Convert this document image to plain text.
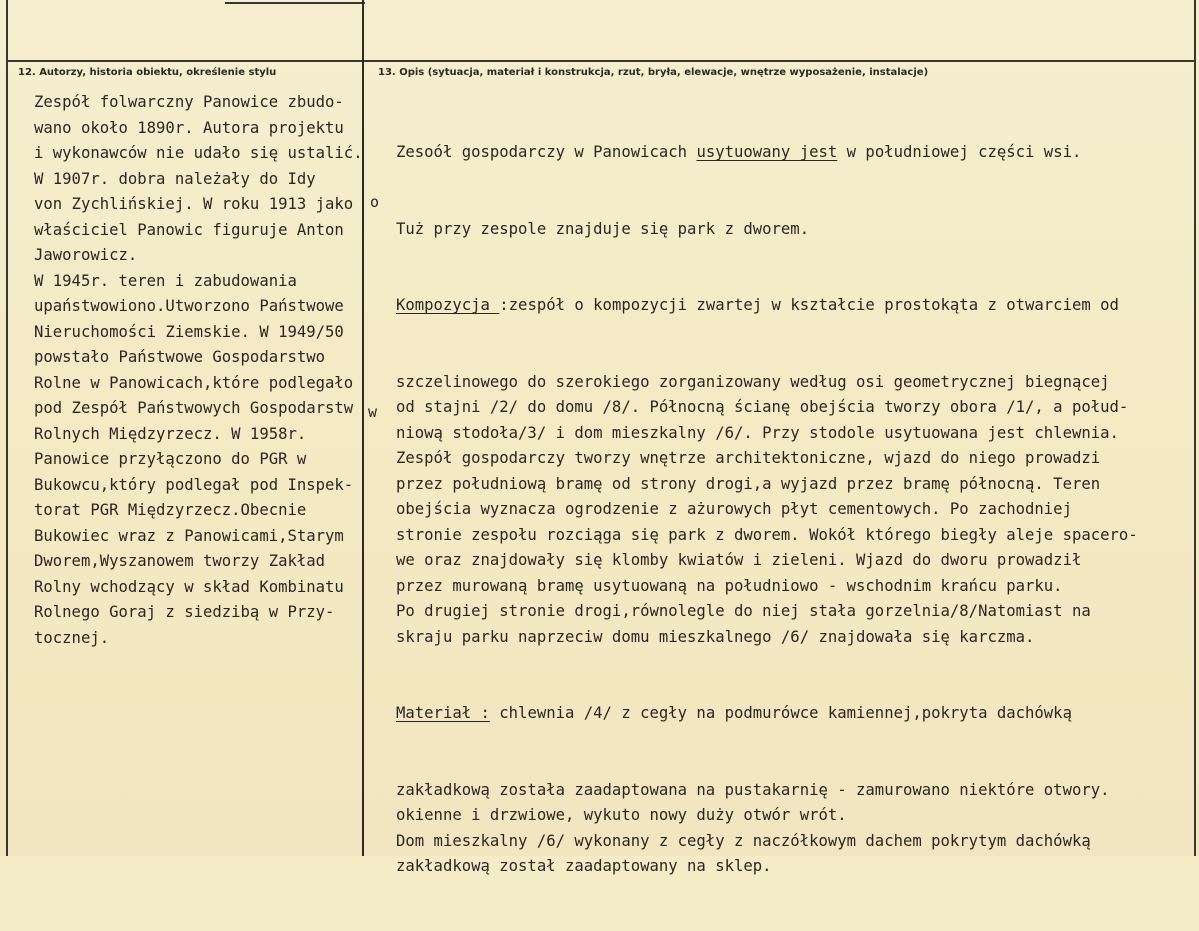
12. Autorzy, historia obiektu, określenie stylu	13. Opis (sytuacja, materiał i konstrukcja, rzut, bryła, elewacje, wnętrze wyposażenie, instalacje)
Zespół folwarczny Panowice zbudo-
wano około 1890r. Autora projektu
i wykonawców nie udało się ustalić.
W 1907r. dobra należały do Idy
von Zychlińskiej. W roku 1913 jako
właściciel Panowic figuruje Anton
Jaworowicz.
W 1945r. teren i zabudowania
upaństwowiono.Utworzono Państwowe
Nieruchomości Ziemskie. W 1949/50
powstało Państwowe Gospodarstwo
Rolne w Panowicach,które podlegało
pod Zespół Państwowych Gospodarstw
Rolnych Międzyrzecz. W 1958r.
Panowice przyłączono do PGR w
Bukowcu,który podlegał pod Inspek-
torat PGR Międzyrzecz.Obecnie
Bukowiec wraz z Panowicami,Starym
Dworem,Wyszanowem tworzy Zakład
Rolny wchodzący w skład Kombinatu
Rolnego Goraj z siedzibą w Przy-
tocznej.

Zesoół gospodarczy w Panowicach usytuowany jest w południowej części wsi.

Tuż przy zespole znajduje się park z dworem.

Kompozycja :zespół o kompozycji zwartej w kształcie prostokąta z otwarciem od

szczelinowego do szerokiego zorganizowany według osi geometrycznej biegnącej
od stajni /2/ do domu /8/. Północną ścianę obejścia tworzy obora /1/, a połud-
niową stodoła/3/ i dom mieszkalny /6/. Przy stodole usytuowana jest chlewnia.
Zespół gospodarczy tworzy wnętrze architektoniczne, wjazd do niego prowadzi
przez południową bramę od strony drogi,a wyjazd przez bramę północną. Teren
obejścia wyznacza ogrodzenie z ażurowych płyt cementowych. Po zachodniej
stronie zespołu rozciąga się park z dworem. Wokół którego biegły aleje spacero-
we oraz znajdowały się klomby kwiatów i zieleni. Wjazd do dworu prowadził
przez murowaną bramę usytuowaną na południowo - wschodnim krańcu parku.
Po drugiej stronie drogi,równolegle do niej stała gorzelnia/8/Natomiast na
skraju parku naprzeciw domu mieszkalnego /6/ znajdowała się karczma.

Materiał : chlewnia /4/ z cegły na podmurówce kamiennej,pokryta dachówką

zakładkową została zaadaptowana na pustakarnię - zamurowano niektóre otwory.
okienne i drzwiowe, wykuto nowy duży otwór wrót.
Dom mieszkalny /6/ wykonany z cegły z naczółkowym dachem pokrytym dachówką
zakładkową został zaadaptowany na sklep.

o
w
